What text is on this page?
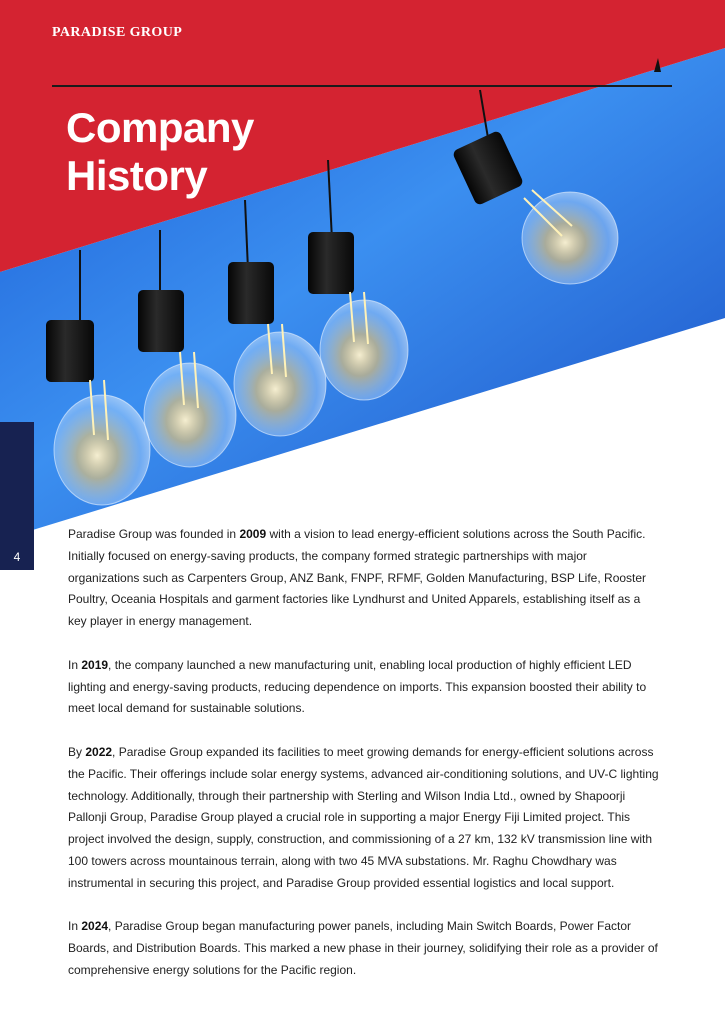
PARADISE GROUP
Company
History
4

Paradise Group was founded in 2009 with a vision to lead energy-efficient solutions across the South Pacific. Initially focused on energy-saving products, the company formed strategic partnerships with major organizations such as Carpenters Group, ANZ Bank, FNPF, RFMF, Golden Manufacturing, BSP Life, Rooster Poultry, Oceania Hospitals and garment factories like Lyndhurst and United Apparels, establishing itself as a key player in energy management.

In 2019, the company launched a new manufacturing unit, enabling local production of highly efficient LED lighting and energy-saving products, reducing dependence on imports. This expansion boosted their ability to meet local demand for sustainable solutions.

By 2022, Paradise Group expanded its facilities to meet growing demands for energy-efficient solutions across the Pacific. Their offerings include solar energy systems, advanced air-conditioning solutions, and UV-C lighting technology. Additionally, through their partnership with Sterling and Wilson India Ltd., owned by Shapoorji Pallonji Group, Paradise Group played a crucial role in supporting a major Energy Fiji Limited project. This project involved the design, supply, construction, and commissioning of a 27 km, 132 kV transmission line with 100 towers across mountainous terrain, along with two 45 MVA substations. Mr. Raghu Chowdhary was instrumental in securing this project, and Paradise Group provided essential logistics and local support.

In 2024, Paradise Group began manufacturing power panels, including Main Switch Boards, Power Factor Boards, and Distribution Boards. This marked a new phase in their journey, solidifying their role as a provider of comprehensive energy solutions for the Pacific region.
